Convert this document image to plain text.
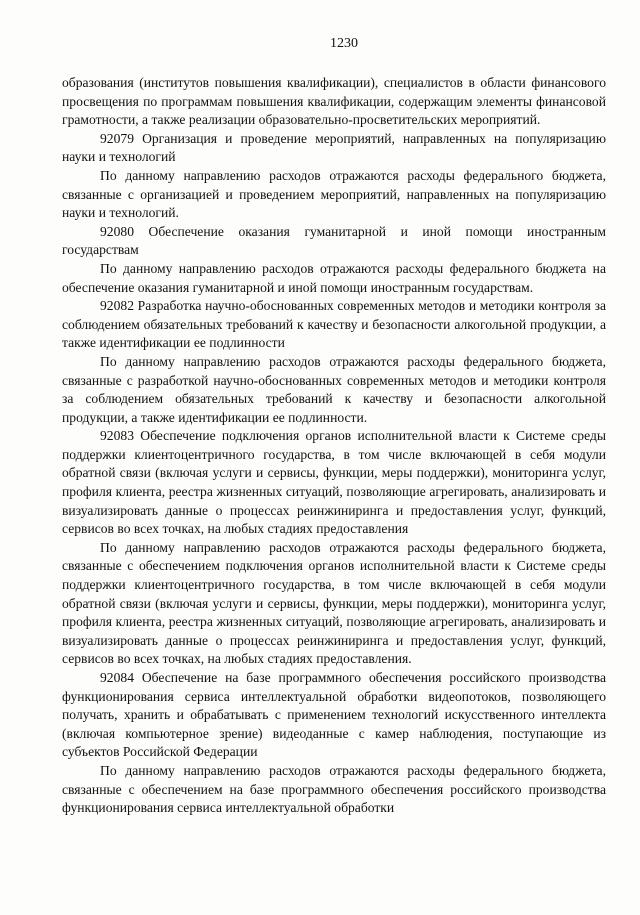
1230

образования (институтов повышения квалификации), специалистов в области финансового просвещения по программам повышения квалификации, содержащим элементы финансовой грамотности, а также реализации образовательно-просветительских мероприятий.

92079 Организация и проведение мероприятий, направленных на популяризацию науки и технологий

По данному направлению расходов отражаются расходы федерального бюджета, связанные с организацией и проведением мероприятий, направленных на популяризацию науки и технологий.

92080 Обеспечение оказания гуманитарной и иной помощи иностранным государствам

По данному направлению расходов отражаются расходы федерального бюджета на обеспечение оказания гуманитарной и иной помощи иностранным государствам.

92082 Разработка научно-обоснованных современных методов и методики контроля за соблюдением обязательных требований к качеству и безопасности алкогольной продукции, а также идентификации ее подлинности

По данному направлению расходов отражаются расходы федерального бюджета, связанные с разработкой научно-обоснованных современных методов и методики контроля за соблюдением обязательных требований к качеству и безопасности алкогольной продукции, а также идентификации ее подлинности.

92083 Обеспечение подключения органов исполнительной власти к Системе среды поддержки клиентоцентричного государства, в том числе включающей в себя модули обратной связи (включая услуги и сервисы, функции, меры поддержки), мониторинга услуг, профиля клиента, реестра жизненных ситуаций, позволяющие агрегировать, анализировать и визуализировать данные о процессах реинжиниринга и предоставления услуг, функций, сервисов во всех точках, на любых стадиях предоставления

По данному направлению расходов отражаются расходы федерального бюджета, связанные с обеспечением подключения органов исполнительной власти к Системе среды поддержки клиентоцентричного государства, в том числе включающей в себя модули обратной связи (включая услуги и сервисы, функции, меры поддержки), мониторинга услуг, профиля клиента, реестра жизненных ситуаций, позволяющие агрегировать, анализировать и визуализировать данные о процессах реинжиниринга и предоставления услуг, функций, сервисов во всех точках, на любых стадиях предоставления.

92084 Обеспечение на базе программного обеспечения российского производства функционирования сервиса интеллектуальной обработки видеопотоков, позволяющего получать, хранить и обрабатывать с применением технологий искусственного интеллекта (включая компьютерное зрение) видеоданные с камер наблюдения, поступающие из субъектов Российской Федерации

По данному направлению расходов отражаются расходы федерального бюджета, связанные с обеспечением на базе программного обеспечения российского производства функционирования сервиса интеллектуальной обработки
